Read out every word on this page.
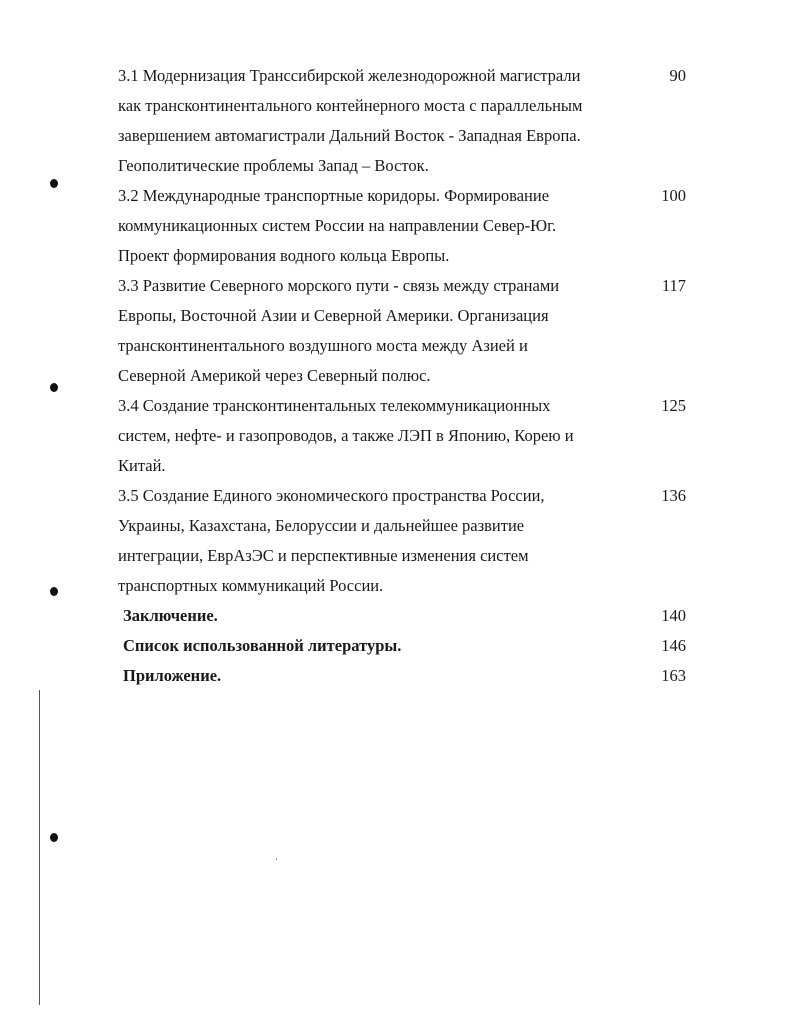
3.1 Модернизация Транссибирской железнодорожной магистрали
как трансконтинентального контейнерного моста с параллельным
завершением автомагистрали Дальний Восток - Западная Европа.
Геополитические проблемы Запад – Восток.
90
3.2 Международные транспортные коридоры. Формирование
коммуникационных систем России на направлении Север-Юг.
Проект формирования водного кольца Европы.
100
3.3 Развитие Северного морского пути - связь между странами
Европы, Восточной Азии и Северной Америки. Организация
трансконтинентального воздушного моста между Азией и
Северной Америкой через Северный полюс.
117
3.4 Создание трансконтинентальных телекоммуникационных
систем, нефте- и газопроводов, а также ЛЭП в Японию, Корею и
Китай.
125
3.5 Создание Единого экономического пространства России,
Украины, Казахстана, Белоруссии и дальнейшее развитие
интеграции, ЕврАзЭС и перспективные изменения систем
транспортных коммуникаций России.
136
Заключение.	140
Список использованной литературы.	146
Приложение.	163
